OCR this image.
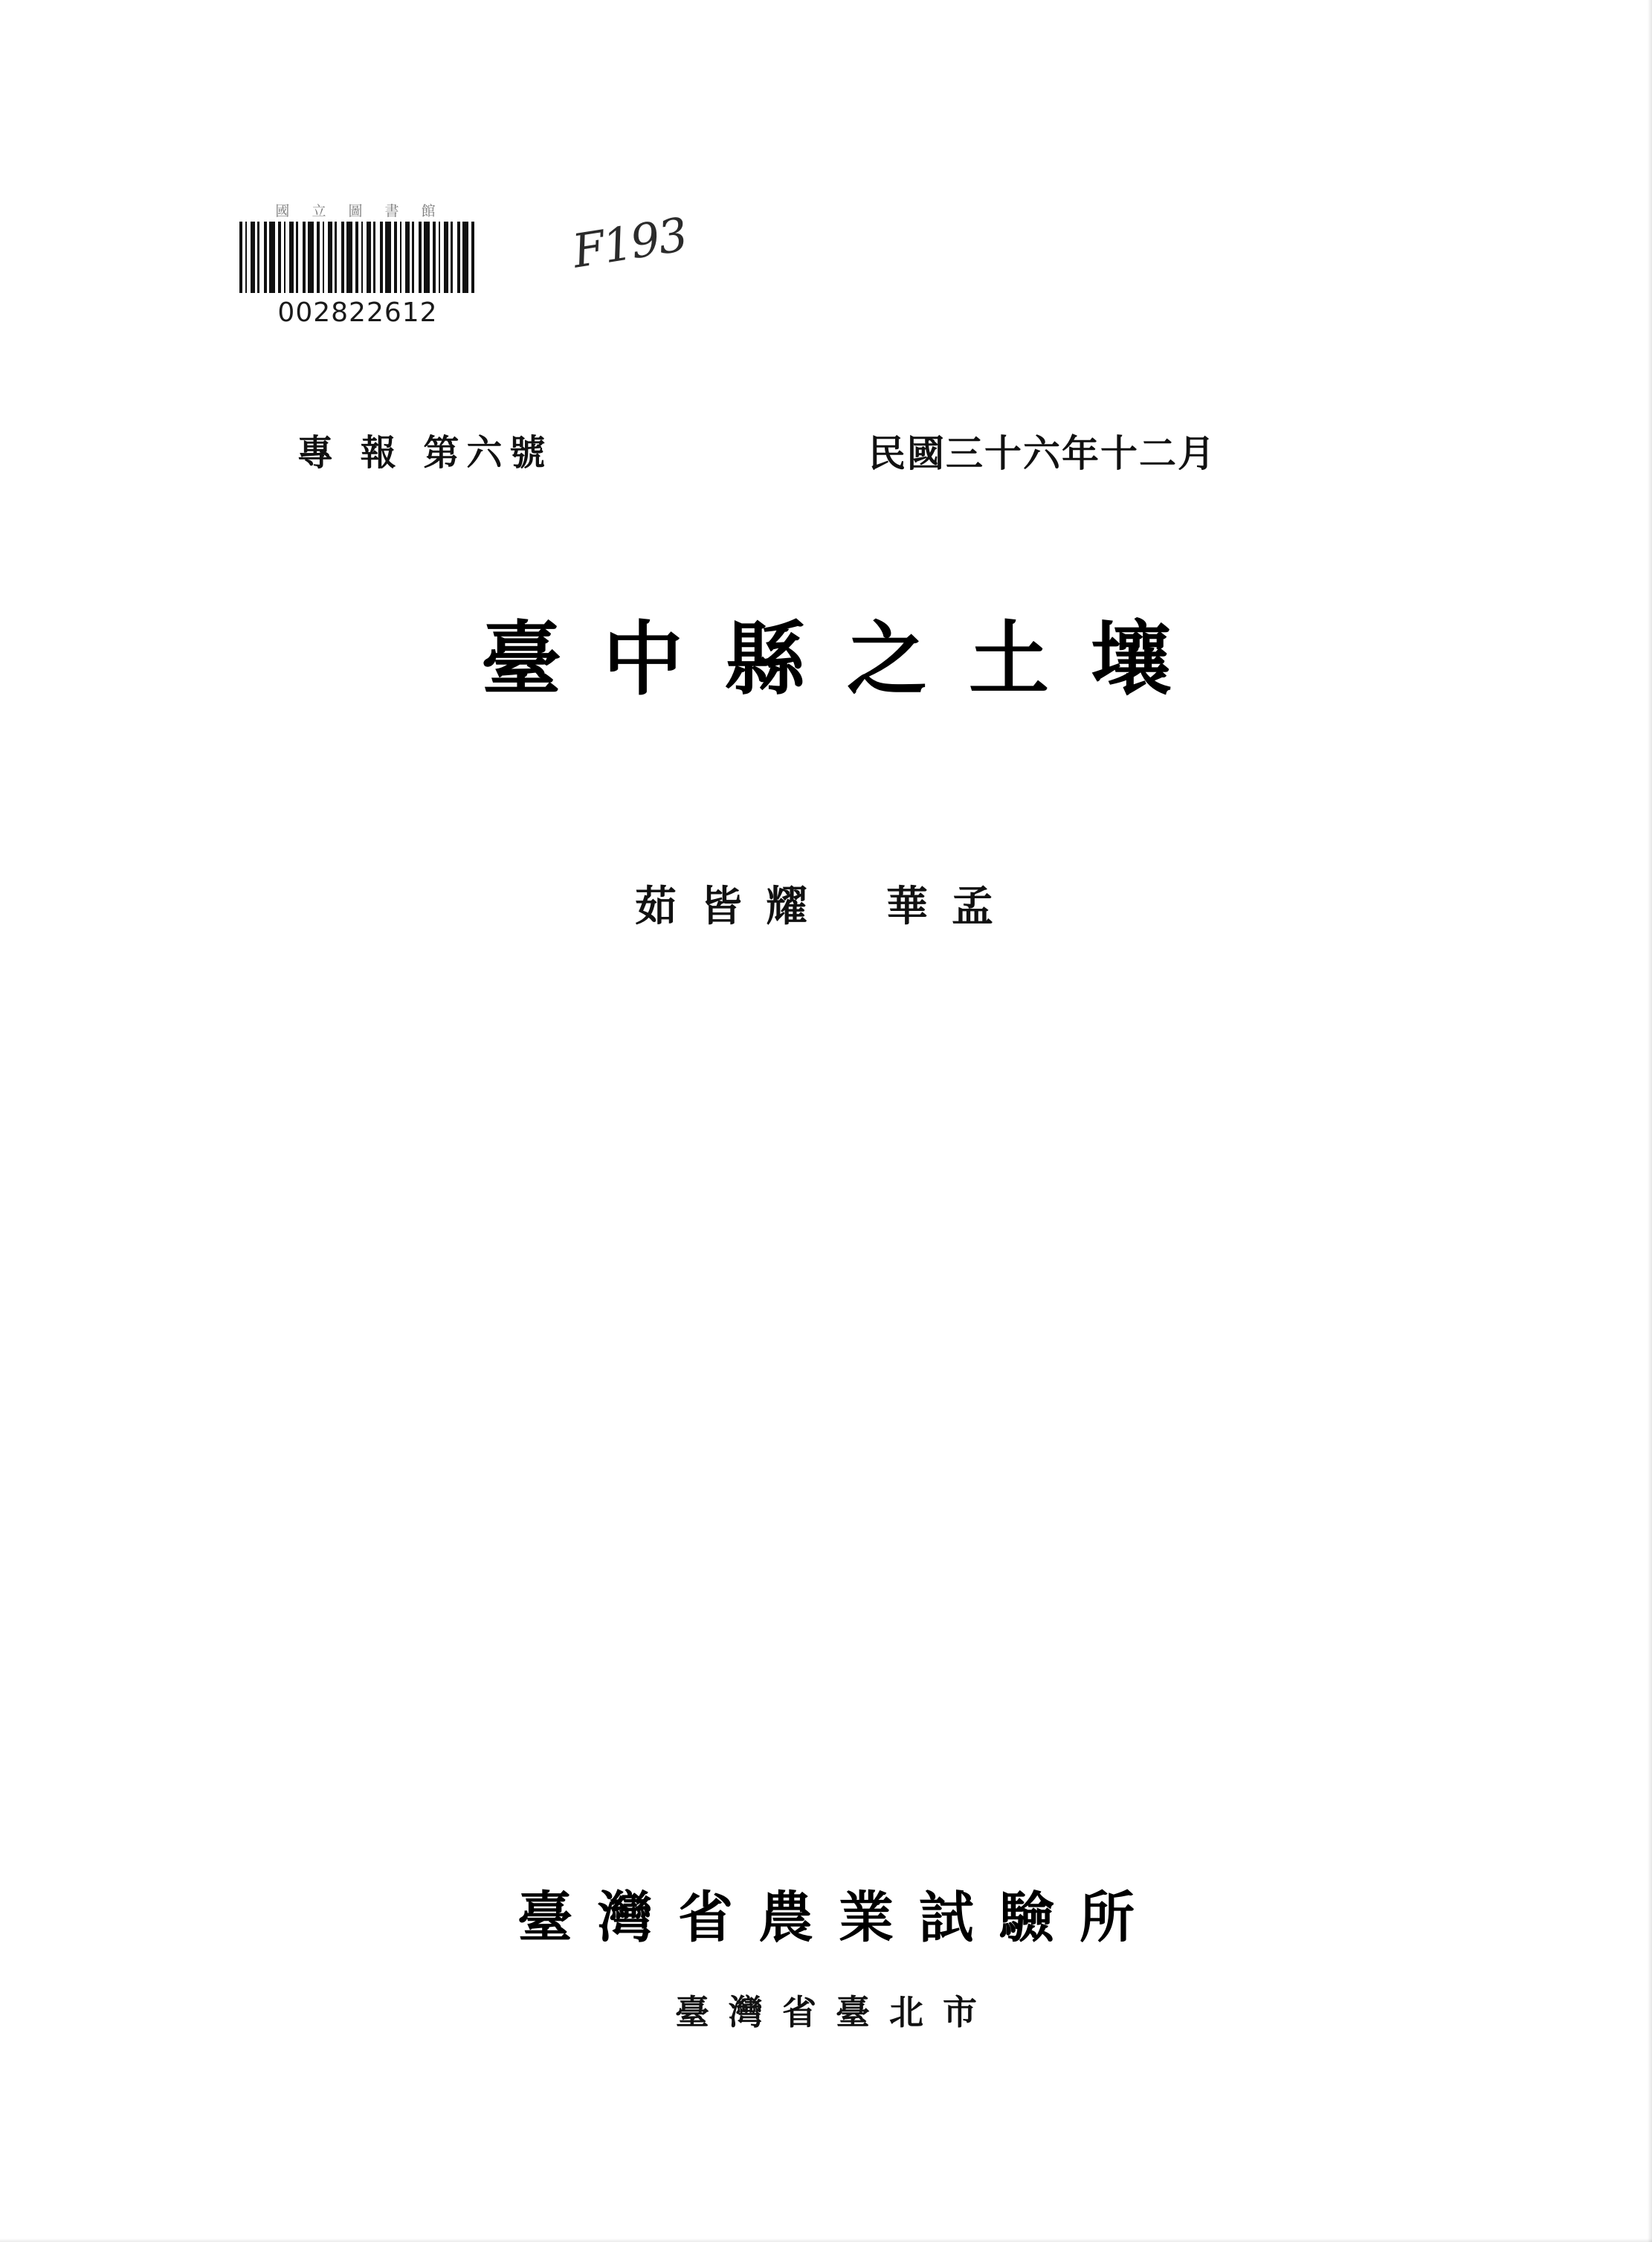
國 立 圖 書 館
002822612
F193
專 報 第六號	民國三十六年十二月
臺中縣之土壤
茹皆耀 華孟
臺灣省農業試驗所
臺灣省臺北市
